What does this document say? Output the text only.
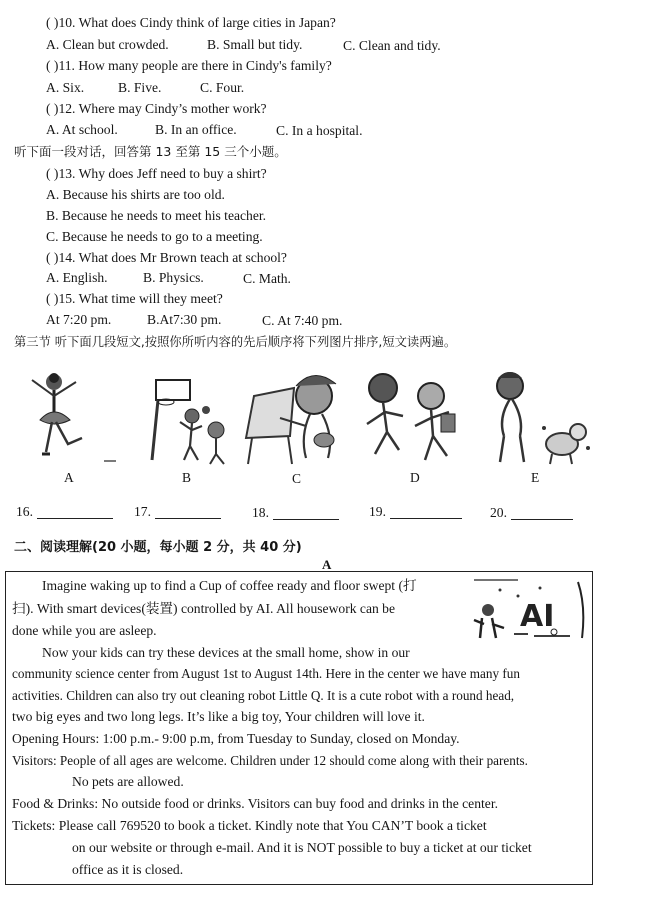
( )10. What does Cindy think of large cities in Japan?
A. Clean but crowded.	B. Small but tidy.	C. Clean and tidy.
( )11. How many people are there in Cindy's family?
A. Six. B. Five.	C. Four.
( )12. Where may Cindy’s mother work?
A. At school.	B. In an office.	C. In a hospital.
听下面一段对话，回答第 13 至第 15 三个小题。
( )13. Why does Jeff need to buy a shirt?
A. Because his shirts are too old.
B. Because he needs to meet his teacher.
C. Because he needs to go to a meeting.
( )14. What does Mr Brown teach at school?
A. English.	B. Physics.	C. Math.
( )15. What time will they meet?
At 7:20 pm.	B.At7:30 pm.	C. At 7:40 pm.
第三节 听下面几段短文,按照你所听内容的先后顺序将下列图片排序,短文读两遍。
A	B	C	D	E
16.	17.	18.	19.	20.
二、阅读理解(20 小题，每小题 2 分，共 40 分)
A
AI
Imagine waking up to find a Cup of coffee ready and floor swept (打
扫). With smart devices(装置) controlled by AI. All housework can be
done while you are asleep.
Now your kids can try these devices at the small home, show in our
community science center from August 1st to August 14th. Here in the center we have many fun
activities. Children can also try out cleaning robot Little Q. It is a cute robot with a round head,
two big eyes and two long legs. It’s like a big toy, Your children will love it.
Opening Hours: 1:00 p.m.- 9:00 p.m, from Tuesday to Sunday, closed on Monday.
Visitors: People of all ages are welcome. Children under 12 should come along with their parents.
No pets are allowed.
Food & Drinks: No outside food or drinks. Visitors can buy food and drinks in the center.
Tickets: Please call 769520 to book a ticket. Kindly note that You CAN’T book a ticket
on our website or through e-mail. And it is NOT possible to buy a ticket at our ticket
office as it is closed.
